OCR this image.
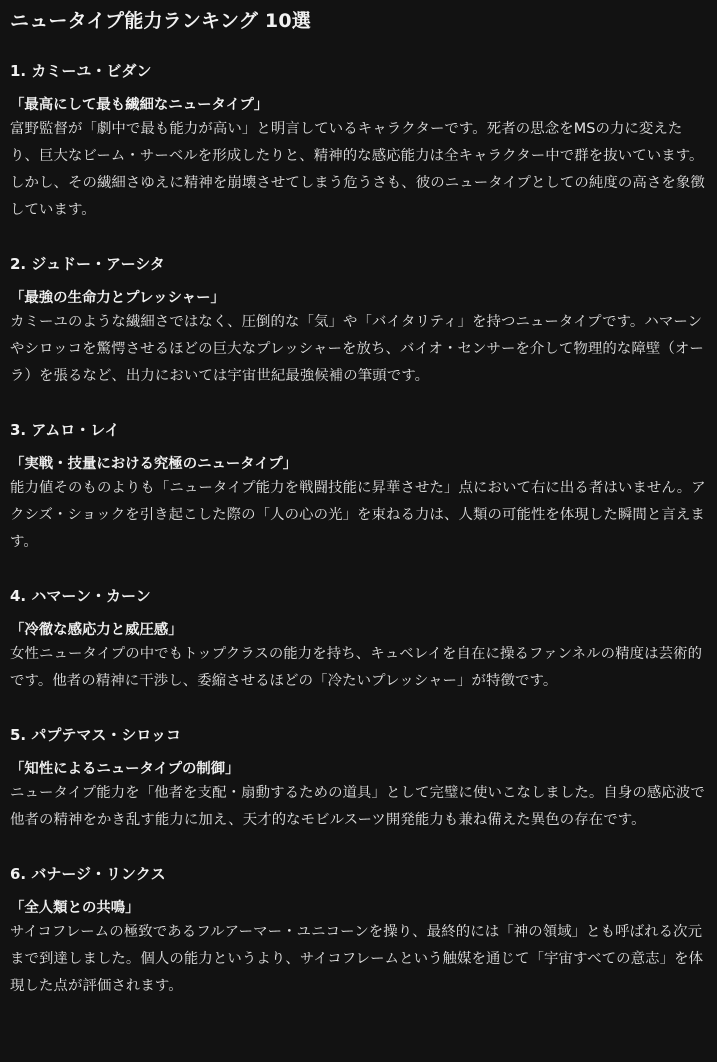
ニュータイプ能力ランキング 10選
1. カミーユ・ビダン

「最高にして最も繊細なニュータイプ」

富野監督が「劇中で最も能力が高い」と明言しているキャラクターです。死者の思念をMSの力に変えたり、巨大なビーム・サーベルを形成したりと、精神的な感応能力は全キャラクター中で群を抜いています。しかし、その繊細さゆえに精神を崩壊させてしまう危うさも、彼のニュータイプとしての純度の高さを象徴しています。

2. ジュドー・アーシタ

「最強の生命力とプレッシャー」

カミーユのような繊細さではなく、圧倒的な「気」や「バイタリティ」を持つニュータイプです。ハマーンやシロッコを驚愕させるほどの巨大なプレッシャーを放ち、バイオ・センサーを介して物理的な障壁（オーラ）を張るなど、出力においては宇宙世紀最強候補の筆頭です。

3. アムロ・レイ

「実戦・技量における究極のニュータイプ」

能力値そのものよりも「ニュータイプ能力を戦闘技能に昇華させた」点において右に出る者はいません。アクシズ・ショックを引き起こした際の「人の心の光」を束ねる力は、人類の可能性を体現した瞬間と言えます。

4. ハマーン・カーン

「冷徹な感応力と威圧感」

女性ニュータイプの中でもトップクラスの能力を持ち、キュベレイを自在に操るファンネルの精度は芸術的です。他者の精神に干渉し、委縮させるほどの「冷たいプレッシャー」が特徴です。

5. パプテマス・シロッコ

「知性によるニュータイプの制御」

ニュータイプ能力を「他者を支配・扇動するための道具」として完璧に使いこなしました。自身の感応波で他者の精神をかき乱す能力に加え、天才的なモビルスーツ開発能力も兼ね備えた異色の存在です。

6. バナージ・リンクス

「全人類との共鳴」

サイコフレームの極致であるフルアーマー・ユニコーンを操り、最終的には「神の領域」とも呼ばれる次元まで到達しました。個人の能力というより、サイコフレームという触媒を通じて「宇宙すべての意志」を体現した点が評価されます。
